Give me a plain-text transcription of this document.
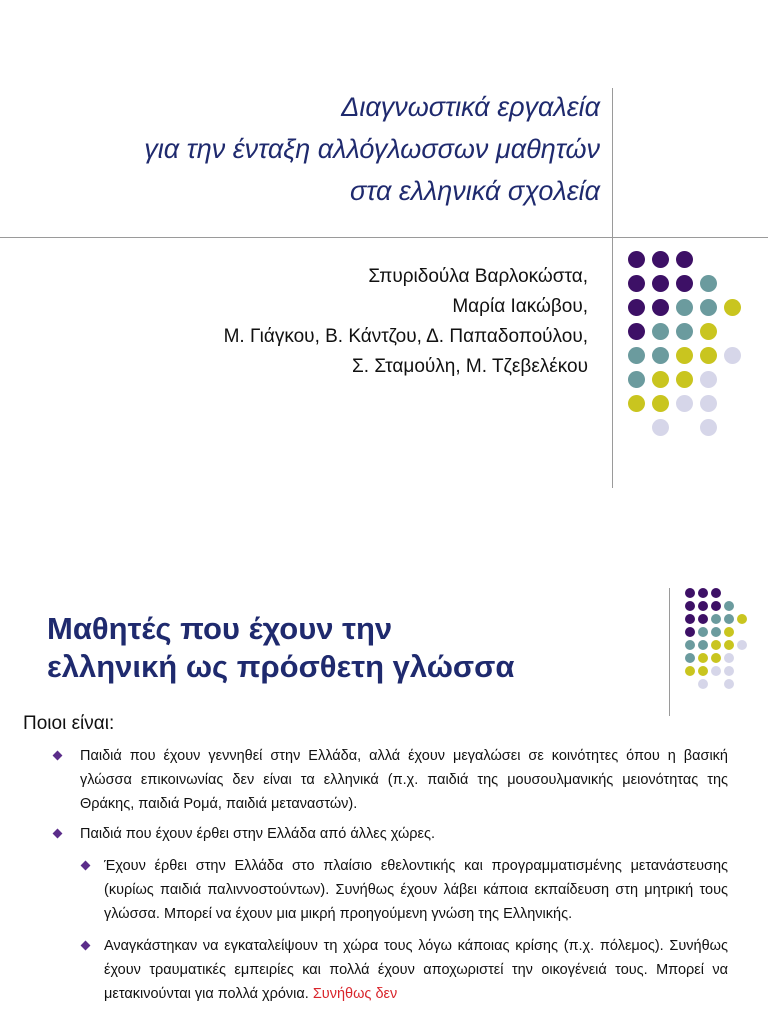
Διαγνωστικά εργαλεία
για την ένταξη αλλόγλωσσων μαθητών
στα ελληνικά σχολεία
Σπυριδούλα Βαρλοκώστα,
Μαρία Ιακώβου,
Μ. Γιάγκου, Β. Κάντζου, Δ. Παπαδοπούλου,
Σ. Σταμούλη, Μ. Τζεβελέκου
Μαθητές που έχουν την
ελληνική ως πρόσθετη γλώσσα
Ποιοι είναι:
Παιδιά που έχουν γεννηθεί στην Ελλάδα, αλλά έχουν μεγαλώσει σε κοινότητες όπου η βασική γλώσσα επικοινωνίας δεν είναι τα ελληνικά (π.χ. παιδιά της μουσουλμανικής μειονότητας της Θράκης, παιδιά Ρομά, παιδιά μεταναστών).
Παιδιά που έχουν έρθει στην Ελλάδα από άλλες χώρες.
Έχουν έρθει στην Ελλάδα στο πλαίσιο εθελοντικής και προγραμματισμένης μετανάστευσης (κυρίως παιδιά παλιννοστούντων). Συνήθως έχουν λάβει κάποια εκπαίδευση στη μητρική τους γλώσσα. Μπορεί να έχουν μια μικρή προηγούμενη γνώση της Ελληνικής.
Αναγκάστηκαν να εγκαταλείψουν τη χώρα τους λόγω κάποιας κρίσης (π.χ. πόλεμος). Συνήθως έχουν τραυματικές εμπειρίες και πολλά έχουν αποχωριστεί την οικογένειά τους. Μπορεί να μετακινούνται για πολλά χρόνια. Συνήθως δεν
